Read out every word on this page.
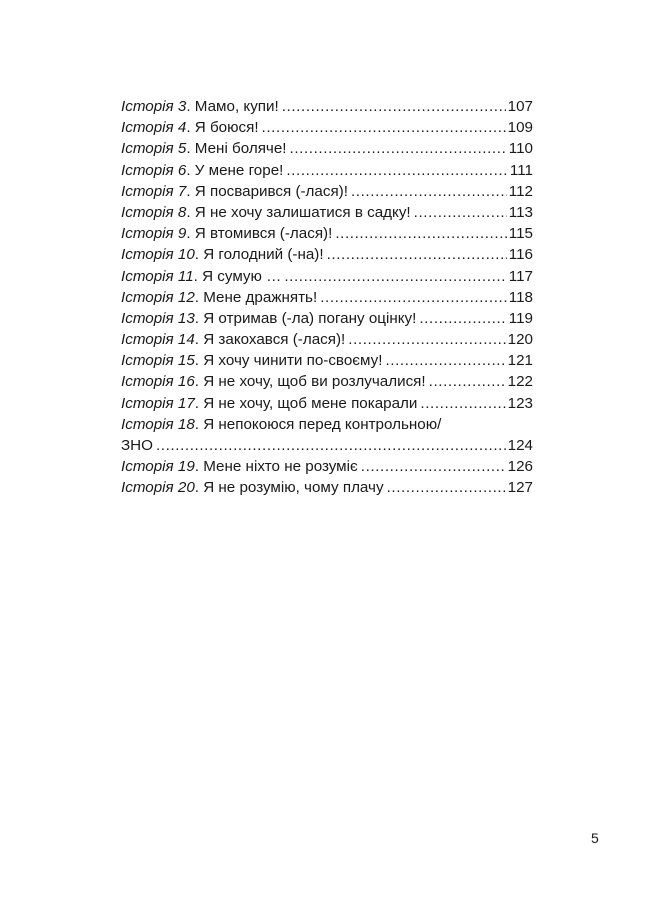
Історія 3. Мамо, купи! .....	107
Історія 4. Я боюся! .....	109
Історія 5. Мені боляче! .....	110
Історія 6. У мене горе! .....	111
Історія 7. Я посварився (-лася)! .....	112
Історія 8. Я не хочу залишатися в садку! .....	113
Історія 9. Я втомився (-лася)! .....	115
Історія 10. Я голодний (-на)! .....	116
Історія 11. Я сумую … .....	117
Історія 12. Мене дражнять! .....	118
Історія 13. Я отримав (-ла) погану оцінку! .....	119
Історія 14. Я закохався (-лася)! .....	120
Історія 15. Я хочу чинити по-своєму! .....	121
Історія 16. Я не хочу, щоб ви розлучалися! .....	122
Історія 17. Я не хочу, щоб мене покарали .....	123
Історія 18. Я непокоюся перед контрольною/
ЗНО .....	124
Історія 19. Мене ніхто не розуміє .....	126
Історія 20. Я не розумію, чому плачу .....	127
5
